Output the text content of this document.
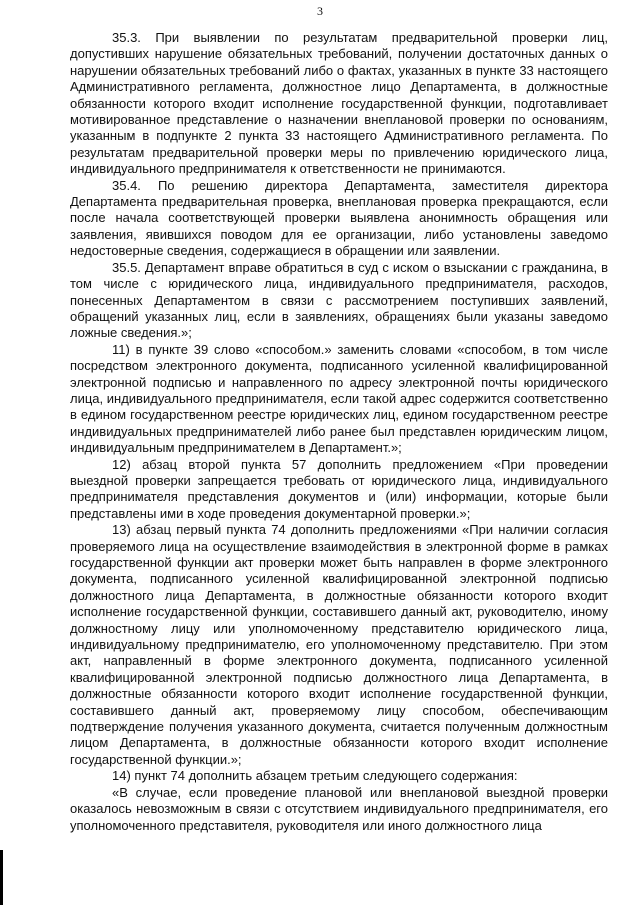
3

35.3. При выявлении по результатам предварительной проверки лиц, допустивших нарушение обязательных требований, получении достаточных данных о нарушении обязательных требований либо о фактах, указанных в пункте 33 настоящего Административного регламента, должностное лицо Департамента, в должностные обязанности которого входит исполнение государственной функции, подготавливает мотивированное представление о назначении внеплановой проверки по основаниям, указанным в подпункте 2 пункта 33 настоящего Административного регламента. По результатам предварительной проверки меры по привлечению юридического лица, индивидуального предпринимателя к ответственности не принимаются.

35.4. По решению директора Департамента, заместителя директора Департамента предварительная проверка, внеплановая проверка прекращаются, если после начала соответствующей проверки выявлена анонимность обращения или заявления, явившихся поводом для ее организации, либо установлены заведомо недостоверные сведения, содержащиеся в обращении или заявлении.

35.5. Департамент вправе обратиться в суд с иском о взыскании с гражданина, в том числе с юридического лица, индивидуального предпринимателя, расходов, понесенных Департаментом в связи с рассмотрением поступивших заявлений, обращений указанных лиц, если в заявлениях, обращениях были указаны заведомо ложные сведения.»;

11) в пункте 39 слово «способом.» заменить словами «способом, в том числе посредством электронного документа, подписанного усиленной квалифицированной электронной подписью и направленного по адресу электронной почты юридического лица, индивидуального предпринимателя, если такой адрес содержится соответственно в едином государственном реестре юридических лиц, едином государственном реестре индивидуальных предпринимателей либо ранее был представлен юридическим лицом, индивидуальным предпринимателем в Департамент.»;

12) абзац второй пункта 57 дополнить предложением «При проведении выездной проверки запрещается требовать от юридического лица, индивидуального предпринимателя представления документов и (или) информации, которые были представлены ими в ходе проведения документарной проверки.»;

13) абзац первый пункта 74 дополнить предложениями «При наличии согласия проверяемого лица на осуществление взаимодействия в электронной форме в рамках государственной функции акт проверки может быть направлен в форме электронного документа, подписанного усиленной квалифицированной электронной подписью должностного лица Департамента, в должностные обязанности которого входит исполнение государственной функции, составившего данный акт, руководителю, иному должностному лицу или уполномоченному представителю юридического лица, индивидуальному предпринимателю, его уполномоченному представителю. При этом акт, направленный в форме электронного документа, подписанного усиленной квалифицированной электронной подписью должностного лица Департамента, в должностные обязанности которого входит исполнение государственной функции, составившего данный акт, проверяемому лицу способом, обеспечивающим подтверждение получения указанного документа, считается полученным должностным лицом Департамента, в должностные обязанности которого входит исполнение государственной функции.»;

14) пункт 74 дополнить абзацем третьим следующего содержания:

«В случае, если проведение плановой или внеплановой выездной проверки оказалось невозможным в связи с отсутствием индивидуального предпринимателя, его уполномоченного представителя, руководителя или иного должностного лица
